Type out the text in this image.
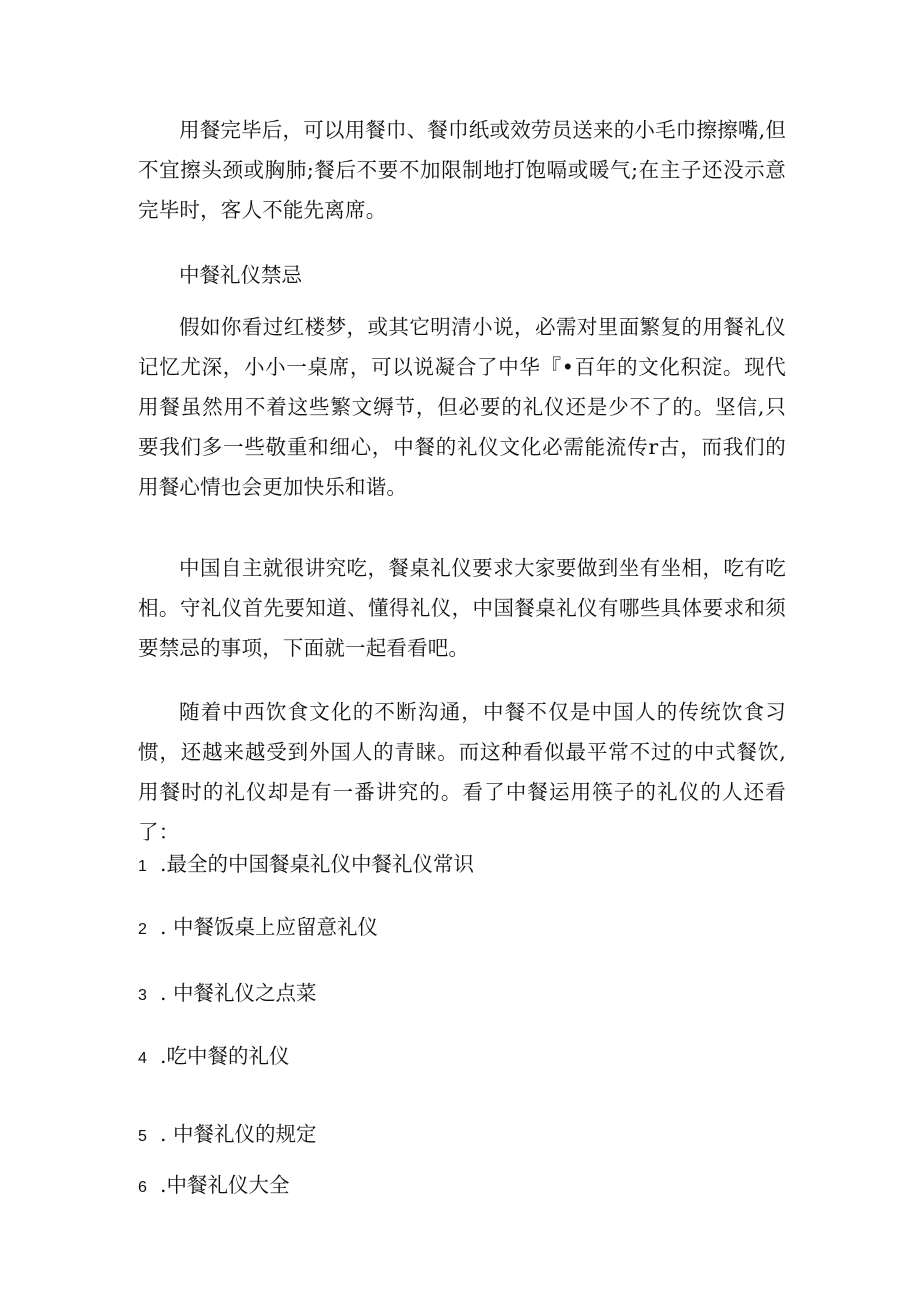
用餐完毕后，可以用餐巾、餐巾纸或效劳员送来的小毛巾擦擦嘴,但不宜擦头颈或胸肺;餐后不要不加限制地打饱嗝或暖气;在主子还没示意完毕时，客人不能先离席。

中餐礼仪禁忌

假如你看过红楼梦，或其它明清小说，必需对里面繁复的用餐礼仪记忆尤深，小小一桌席，可以说凝合了中华『•百年的文化积淀。现代用餐虽然用不着这些繁文缛节，但必要的礼仪还是少不了的。坚信,只要我们多一些敬重和细心，中餐的礼仪文化必需能流传r古，而我们的用餐心情也会更加快乐和谐。

中国自主就很讲究吃，餐桌礼仪要求大家要做到坐有坐相，吃有吃相。守礼仪首先要知道、懂得礼仪，中国餐桌礼仪有哪些具体要求和须要禁忌的事项，下面就一起看看吧。

随着中西饮食文化的不断沟通，中餐不仅是中国人的传统饮食习惯，还越来越受到外国人的青睐。而这种看似最平常不过的中式餐饮,用餐时的礼仪却是有一番讲究的。看了中餐运用筷子的礼仪的人还看了：

1 .最全的中国餐桌礼仪中餐礼仪常识
2 . 中餐饭桌上应留意礼仪
3 . 中餐礼仪之点菜
4 .吃中餐的礼仪
5 . 中餐礼仪的规定
6 .中餐礼仪大全
